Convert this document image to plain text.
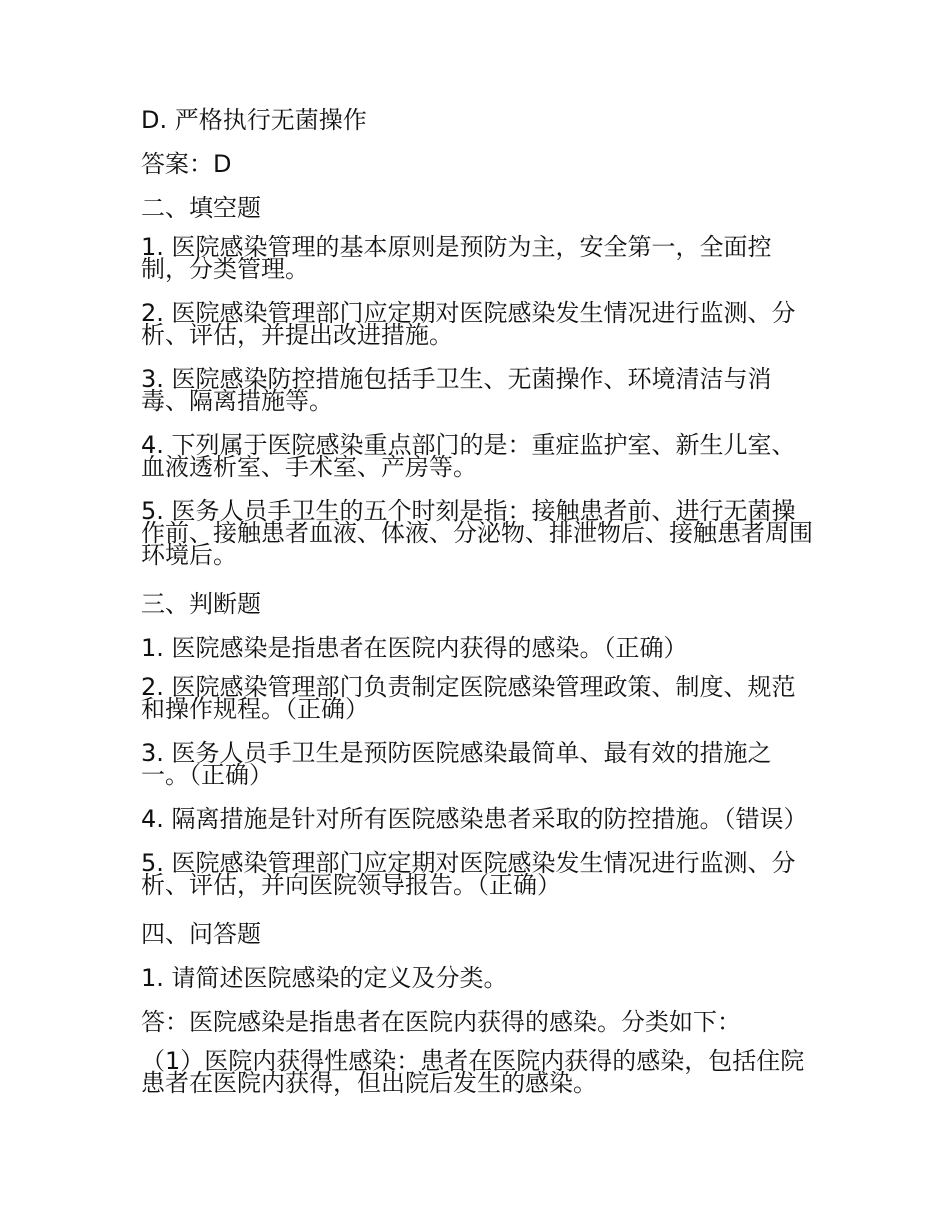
D. 严格执行无菌操作

答案：D

二、填空题

1. 医院感染管理的基本原则是预防为主，安全第一，全面控制，分类管理。

2. 医院感染管理部门应定期对医院感染发生情况进行监测、分析、评估，并提出改进措施。

3. 医院感染防控措施包括手卫生、无菌操作、环境清洁与消毒、隔离措施等。

4. 下列属于医院感染重点部门的是：重症监护室、新生儿室、血液透析室、手术室、产房等。

5. 医务人员手卫生的五个时刻是指：接触患者前、进行无菌操作前、接触患者血液、体液、分泌物、排泄物后、接触患者周围环境后。

三、判断题

1. 医院感染是指患者在医院内获得的感染。（正确）

2. 医院感染管理部门负责制定医院感染管理政策、制度、规范和操作规程。（正确）

3. 医务人员手卫生是预防医院感染最简单、最有效的措施之一。（正确）

4. 隔离措施是针对所有医院感染患者采取的防控措施。（错误）

5. 医院感染管理部门应定期对医院感染发生情况进行监测、分析、评估，并向医院领导报告。（正确）

四、问答题

1. 请简述医院感染的定义及分类。

答：医院感染是指患者在医院内获得的感染。分类如下：

（1）医院内获得性感染：患者在医院内获得的感染，包括住院患者在医院内获得，但出院后发生的感染。
